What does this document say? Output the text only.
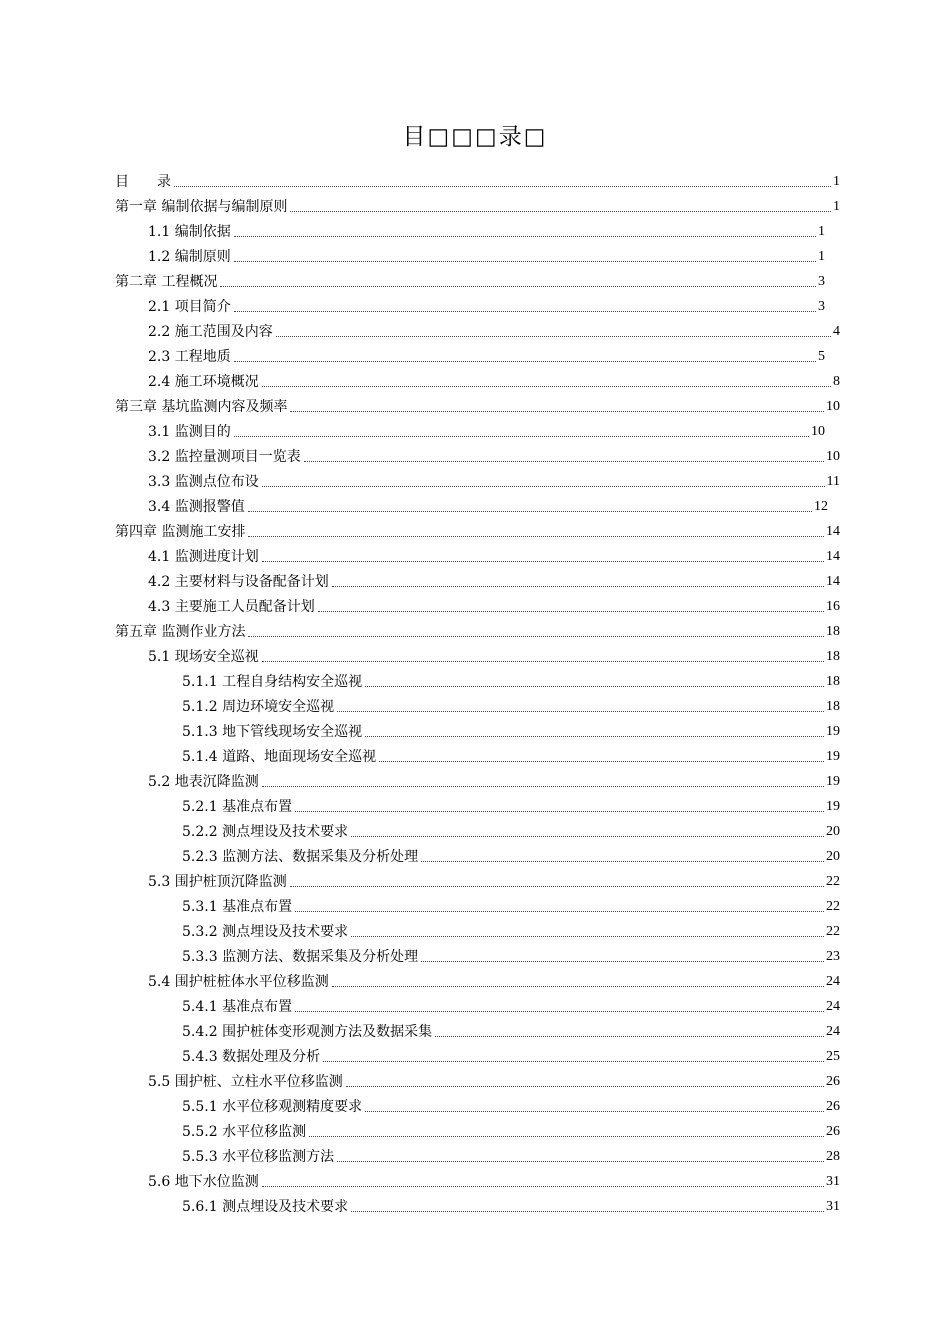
目□□□录□
目　　录	1
第一章 编制依据与编制原则	1
1.1 编制依据	1
1.2 编制原则	1
第二章 工程概况	3
2.1 项目简介	3
2.2 施工范围及内容	4
2.3 工程地质	5
2.4 施工环境概况	8
第三章 基坑监测内容及频率	10
3.1 监测目的	10
3.2 监控量测项目一览表	10
3.3 监测点位布设	11
3.4 监测报警值	12
第四章 监测施工安排	14
4.1 监测进度计划	14
4.2 主要材料与设备配备计划	14
4.3 主要施工人员配备计划	16
第五章 监测作业方法	18
5.1 现场安全巡视	18
5.1.1 工程自身结构安全巡视	18
5.1.2 周边环境安全巡视	18
5.1.3 地下管线现场安全巡视	19
5.1.4 道路、地面现场安全巡视	19
5.2 地表沉降监测	19
5.2.1 基准点布置	19
5.2.2 测点埋设及技术要求	20
5.2.3 监测方法、数据采集及分析处理	20
5.3 围护桩顶沉降监测	22
5.3.1 基准点布置	22
5.3.2 测点埋设及技术要求	22
5.3.3 监测方法、数据采集及分析处理	23
5.4 围护桩桩体水平位移监测	24
5.4.1 基准点布置	24
5.4.2 围护桩体变形观测方法及数据采集	24
5.4.3 数据处理及分析	25
5.5 围护桩、立柱水平位移监测	26
5.5.1 水平位移观测精度要求	26
5.5.2 水平位移监测	26
5.5.3 水平位移监测方法	28
5.6 地下水位监测	31
5.6.1 测点埋设及技术要求	31
